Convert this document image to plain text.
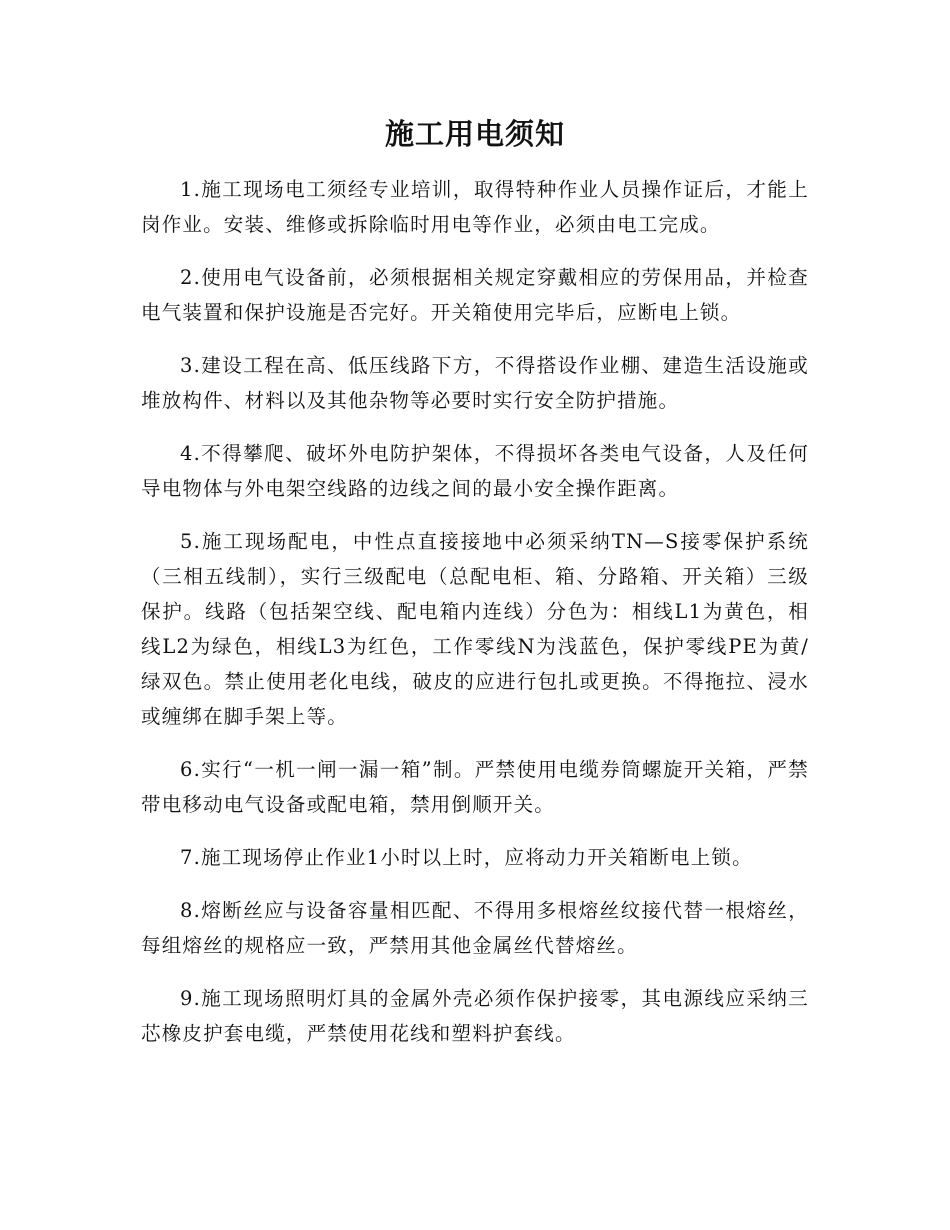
施工用电须知

1.施工现场电工须经专业培训，取得特种作业人员操作证后，才能上岗作业。安装、维修或拆除临时用电等作业，必须由电工完成。

2.使用电气设备前，必须根据相关规定穿戴相应的劳保用品，并检查电气装置和保护设施是否完好。开关箱使用完毕后，应断电上锁。

3.建设工程在高、低压线路下方，不得搭设作业棚、建造生活设施或堆放构件、材料以及其他杂物等必要时实行安全防护措施。

4.不得攀爬、破坏外电防护架体，不得损坏各类电气设备，人及任何导电物体与外电架空线路的边线之间的最小安全操作距离。

5.施工现场配电，中性点直接接地中必须采纳TN—S接零保护系统（三相五线制），实行三级配电（总配电柜、箱、分路箱、开关箱）三级保护。线路（包括架空线、配电箱内连线）分色为：相线L1为黄色，相线L2为绿色，相线L3为红色，工作零线N为浅蓝色，保护零线PE为黄/绿双色。禁止使用老化电线，破皮的应进行包扎或更换。不得拖拉、浸水或缠绑在脚手架上等。

6.实行“一机一闸一漏一箱”制。严禁使用电缆券筒螺旋开关箱，严禁带电移动电气设备或配电箱，禁用倒顺开关。

7.施工现场停止作业1小时以上时，应将动力开关箱断电上锁。

8.熔断丝应与设备容量相匹配、不得用多根熔丝纹接代替一根熔丝，每组熔丝的规格应一致，严禁用其他金属丝代替熔丝。

9.施工现场照明灯具的金属外壳必须作保护接零，其电源线应采纳三芯橡皮护套电缆，严禁使用花线和塑料护套线。
